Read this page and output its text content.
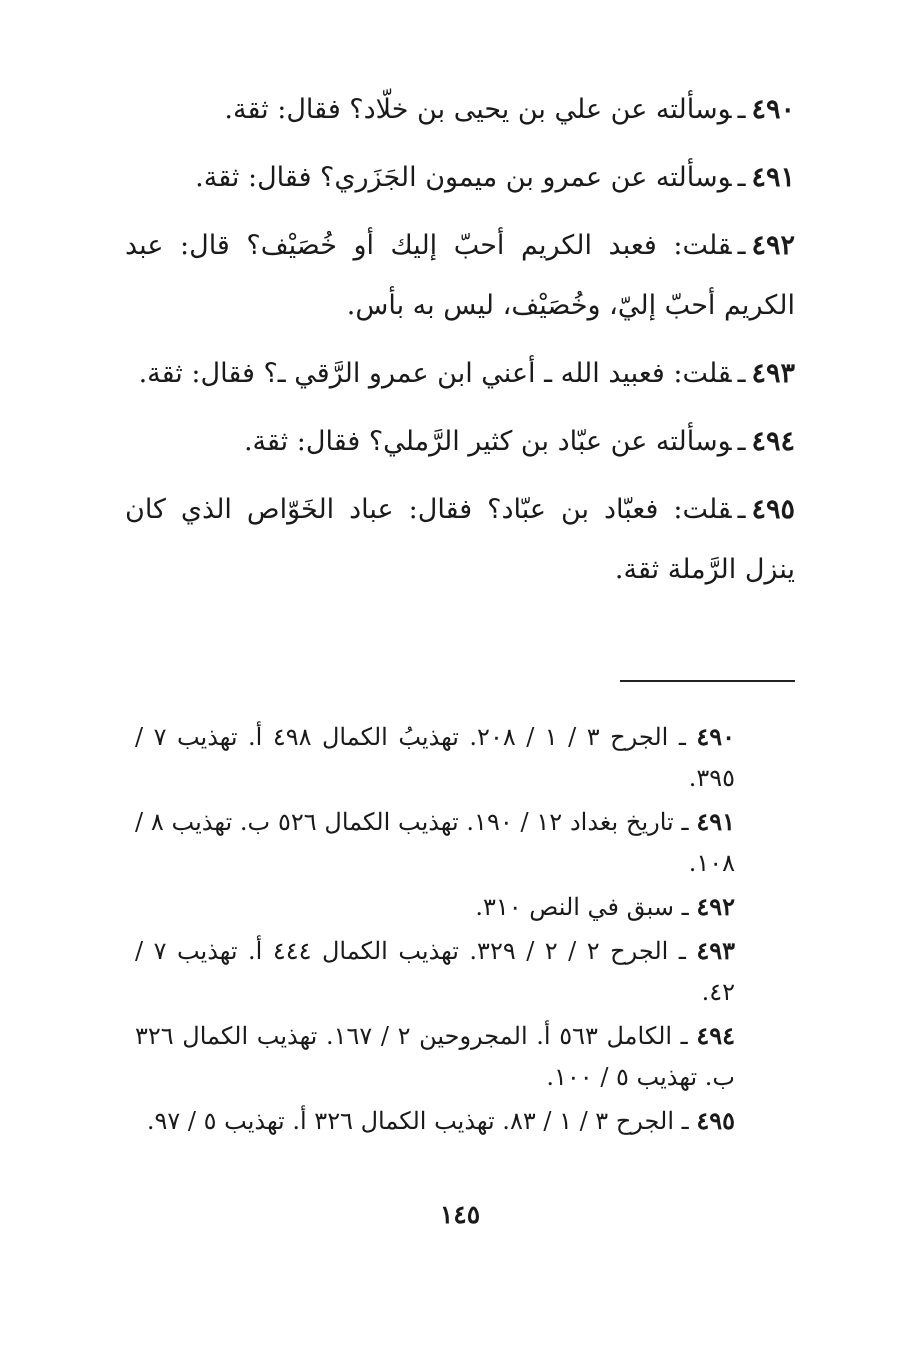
٤٩٠ـوسألته عن علي بن يحيى بن خلّاد؟ فقال: ثقة.

٤٩١ـوسألته عن عمرو بن ميمون الجَزَري؟ فقال: ثقة.

٤٩٢ـقلت: فعبد الكريم أحبّ إليك أو خُصَيْف؟ قال: عبد الكريم أحبّ إليّ، وخُصَيْف، ليس به بأس.

٤٩٣ـقلت: فعبيد الله ـ أعني ابن عمرو الرَّقي ـ؟ فقال: ثقة.

٤٩٤ـوسألته عن عبّاد بن كثير الرَّملي؟ فقال: ثقة.

٤٩٥ـقلت: فعبّاد بن عبّاد؟ فقال: عباد الخَوّاص الذي كان ينزل الرَّملة ثقة.

٤٩٠ ـ الجرح ٣ / ١ / ٢٠٨. تهذيبُ الكمال ٤٩٨ أ. تهذيب ٧ / ٣٩٥.

٤٩١ ـ تاريخ بغداد ١٢ / ١٩٠. تهذيب الكمال ٥٢٦ ب. تهذيب ٨ / ١٠٨.

٤٩٢ ـ سبق في النص ٣١٠.

٤٩٣ ـ الجرح ٢ / ٢ / ٣٢٩. تهذيب الكمال ٤٤٤ أ. تهذيب ٧ / ٤٢.

٤٩٤ ـ الكامل ٥٦٣ أ. المجروحين ٢ / ١٦٧. تهذيب الكمال ٣٢٦ ب. تهذيب ٥ / ١٠٠.

٤٩٥ ـ الجرح ٣ / ١ / ٨٣. تهذيب الكمال ٣٢٦ أ. تهذيب ٥ / ٩٧.

١٤٥
